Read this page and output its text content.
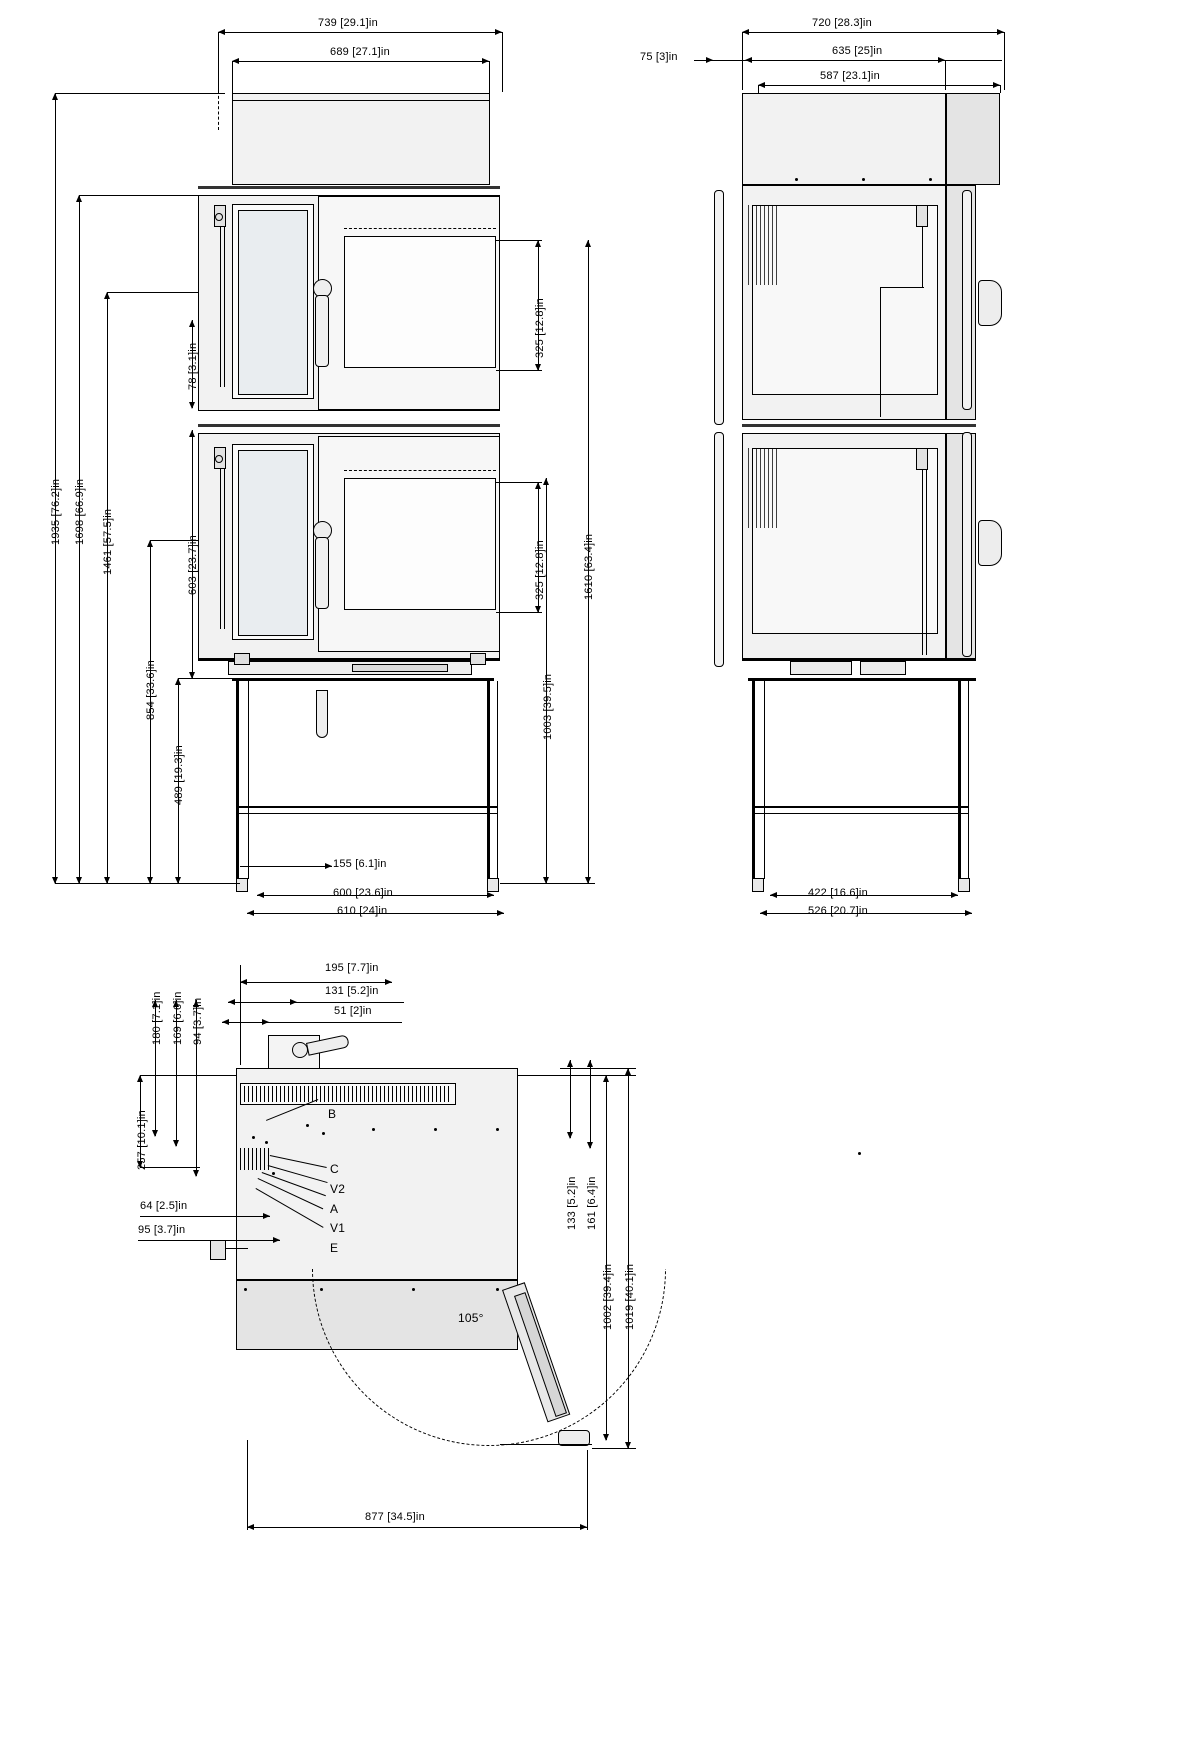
739 [29.1]in
689 [27.1]in
1935 [76.2]in 1698 [66.9]in 1461 [57.5]in
854 [33.6]in
489 [19.3]in
603 [23.7]in
78 [3.1]in
325 [12.8]in
325 [12.8]in	1610 [63.4]in
1003 [39.5]in
155 [6.1]in
600 [23.6]in
610 [24]in
720 [28.3]in
635 [25]in
587 [23.1]in
75 [3]in
422 [16.6]in
526 [20.7]in
195 [7.7]in
131 [5.2]in
51 [2]in
105°
B
C
V2
A
V1
E
180 [7.1]in 169 [6.6]in 94 [3.7]in
257 [10.1]in
64 [2.5]in
95 [3.7]in	133 [5.2]in 161 [6.4]in
1002 [39.4]in 1019 [40.1]in
877 [34.5]in
